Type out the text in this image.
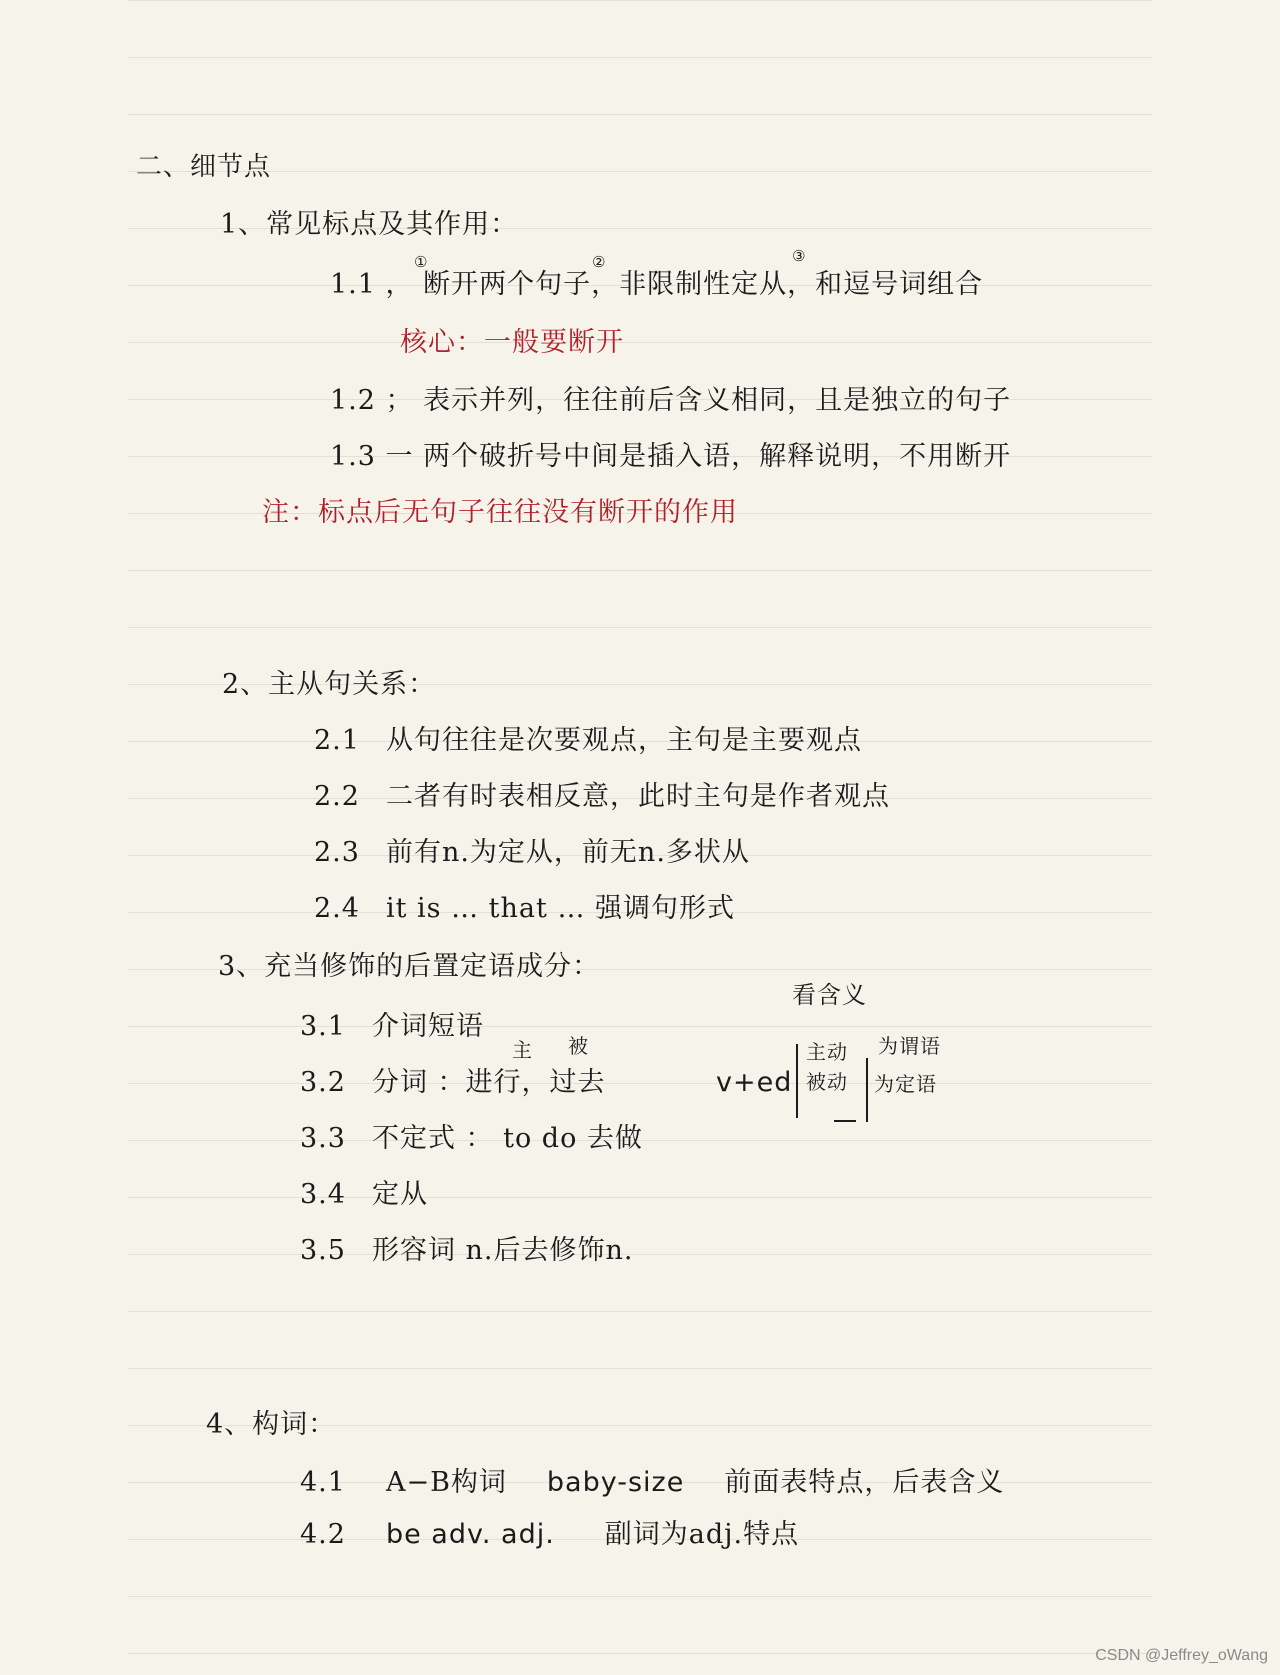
二、细节点
1、常见标点及其作用：
①	②	③
1.1 ， 断开两个句子，非限制性定从，和逗号词组合
核心：一般要断开
1.2 ； 表示并列，往往前后含义相同，且是独立的句子
1.3 一 两个破折号中间是插入语，解释说明，不用断开
注：标点后无句子往往没有断开的作用
2、主从句关系：
2.1 从句往往是次要观点，主句是主要观点
2.2 二者有时表相反意，此时主句是作者观点
2.3 前有n.为定从，前无n.多状从
2.4 it is … that … 强调句形式
3、充当修饰的后置定语成分：
3.1 介词短语
主 被
3.2 分词 ：进行，过去
3.3 不定式 ： to do 去做
3.4 定从
3.5 形容词 n.后去修饰n.
看含义
v+ed
主动
被动
为谓语
为定语
4、构词：
4.1 A−B构词 baby-size 前面表特点，后表含义
4.2 be adv. adj. 副词为adj.特点
CSDN @Jeffrey_oWang
